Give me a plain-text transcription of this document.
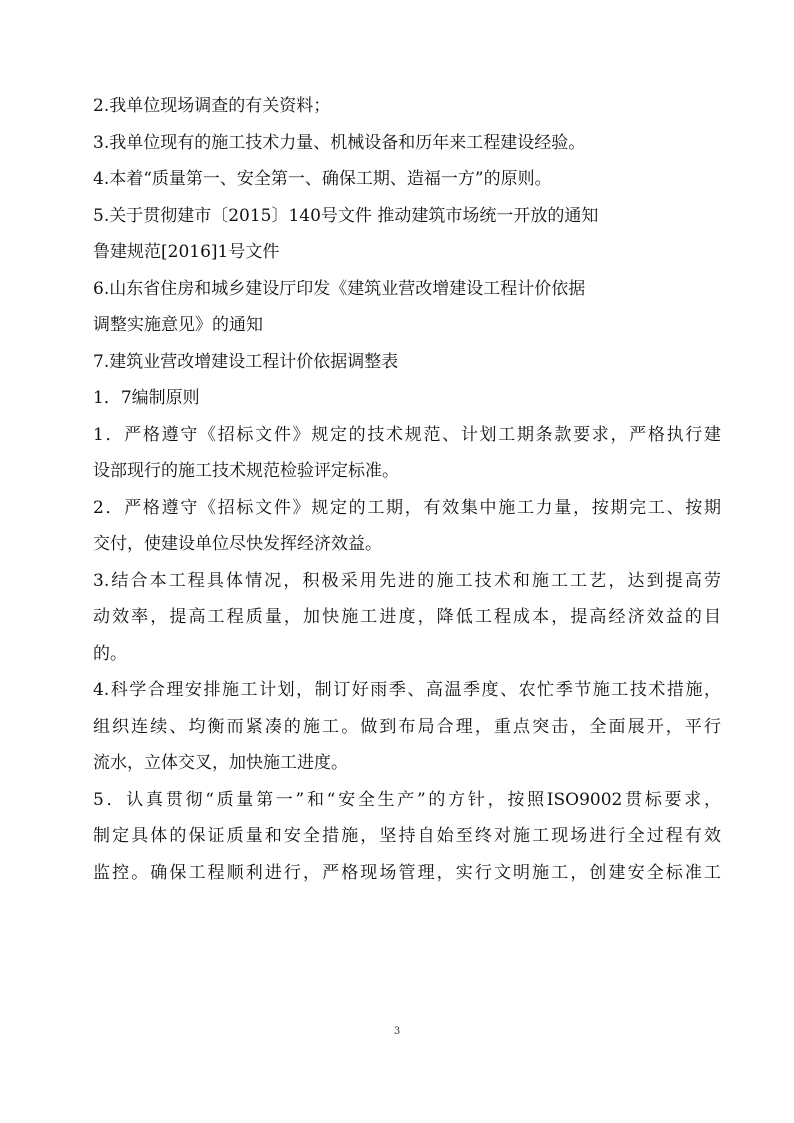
2.我单位现场调查的有关资料；
3.我单位现有的施工技术力量、机械设备和历年来工程建设经验。
4.本着“质量第一、安全第一、确保工期、造福一方”的原则。
5.关于贯彻建市〔2015〕140号文件 推动建筑市场统一开放的通知
鲁建规范[2016]1号文件
6.山东省住房和城乡建设厅印发《建筑业营改增建设工程计价依据
调整实施意见》的通知
7.建筑业营改增建设工程计价依据调整表
1．7编制原则
1．严格遵守《招标文件》规定的技术规范、计划工期条款要求，严格执行建
设部现行的施工技术规范检验评定标准。
2．严格遵守《招标文件》规定的工期，有效集中施工力量，按期完工、按期
交付，使建设单位尽快发挥经济效益。
3.结合本工程具体情况，积极采用先进的施工技术和施工工艺，达到提高劳
动效率，提高工程质量，加快施工进度，降低工程成本，提高经济效益的目
的。
4.科学合理安排施工计划，制订好雨季、高温季度、农忙季节施工技术措施，
组织连续、均衡而紧凑的施工。做到布局合理，重点突击，全面展开，平行
流水，立体交叉，加快施工进度。
5．认真贯彻“质量第一”和“安全生产”的方针，按照ISO9002贯标要求，
制定具体的保证质量和安全措施，坚持自始至终对施工现场进行全过程有效
监控。确保工程顺利进行，严格现场管理，实行文明施工，创建安全标准工
3
